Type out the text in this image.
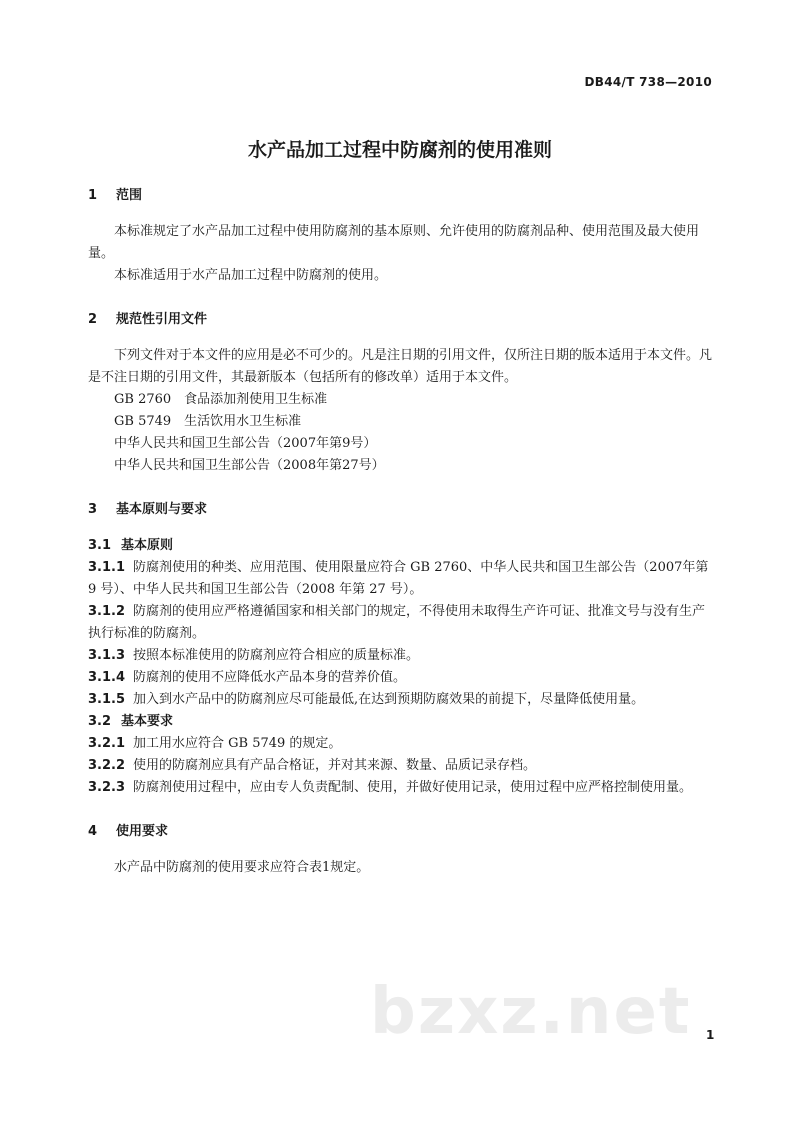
DB44/T 738—2010
水产品加工过程中防腐剂的使用准则
1 范围

本标准规定了水产品加工过程中使用防腐剂的基本原则、允许使用的防腐剂品种、使用范围及最大使用量。

本标准适用于水产品加工过程中防腐剂的使用。

2 规范性引用文件

下列文件对于本文件的应用是必不可少的。凡是注日期的引用文件，仅所注日期的版本适用于本文件。凡是不注日期的引用文件，其最新版本（包括所有的修改单）适用于本文件。

GB 2760　食品添加剂使用卫生标准

GB 5749　生活饮用水卫生标准

中华人民共和国卫生部公告（2007年第9号）

中华人民共和国卫生部公告（2008年第27号）

3 基本原则与要求
3.1 基本原则

3.1.1 防腐剂使用的种类、应用范围、使用限量应符合 GB 2760、中华人民共和国卫生部公告（2007年第 9 号）、中华人民共和国卫生部公告（2008 年第 27 号）。

3.1.2 防腐剂的使用应严格遵循国家和相关部门的规定，不得使用未取得生产许可证、批准文号与没有生产执行标准的防腐剂。

3.1.3 按照本标准使用的防腐剂应符合相应的质量标准。

3.1.4 防腐剂的使用不应降低水产品本身的营养价值。

3.1.5 加入到水产品中的防腐剂应尽可能最低,在达到预期防腐效果的前提下，尽量降低使用量。

3.2 基本要求

3.2.1 加工用水应符合 GB 5749 的规定。

3.2.2 使用的防腐剂应具有产品合格证，并对其来源、数量、品质记录存档。

3.2.3 防腐剂使用过程中，应由专人负责配制、使用，并做好使用记录，使用过程中应严格控制使用量。

4 使用要求

水产品中防腐剂的使用要求应符合表1规定。

bzxz.net 1
